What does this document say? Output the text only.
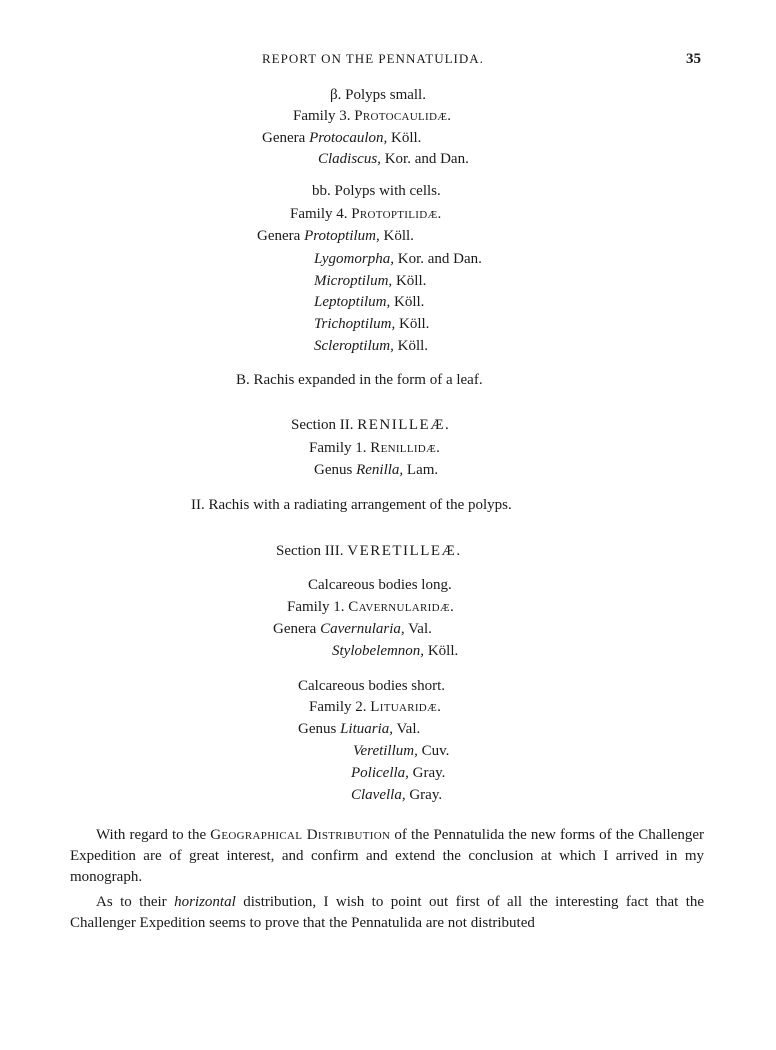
REPORT ON THE PENNATULIDA.	35
β. Polyps small.
Family 3. Protocaulidæ.
Genera Protocaulon, Köll.
Cladiscus, Kor. and Dan.
bb. Polyps with cells.
Family 4. Protoptilidæ.
Genera Protoptilum, Köll.
Lygomorpha, Kor. and Dan.
Microptilum, Köll.
Leptoptilum, Köll.
Trichoptilum, Köll.
Scleroptilum, Köll.
B. Rachis expanded in the form of a leaf.
Section II. RENILLEÆ.
Family 1. Renillidæ.
Genus Renilla, Lam.
II. Rachis with a radiating arrangement of the polyps.
Section III. VERETILLEÆ.
Calcareous bodies long.
Family 1. Cavernularidæ.
Genera Cavernularia, Val.
Stylobelemnon, Köll.
Calcareous bodies short.
Family 2. Lituaridæ.
Genus Lituaria, Val.
Veretillum, Cuv.
Policella, Gray.
Clavella, Gray.
With regard to the Geographical Distribution of the Pennatulida the new forms of the Challenger Expedition are of great interest, and confirm and extend the conclusion at which I arrived in my monograph.
As to their horizontal distribution, I wish to point out first of all the interesting fact that the Challenger Expedition seems to prove that the Pennatulida are not distributed
